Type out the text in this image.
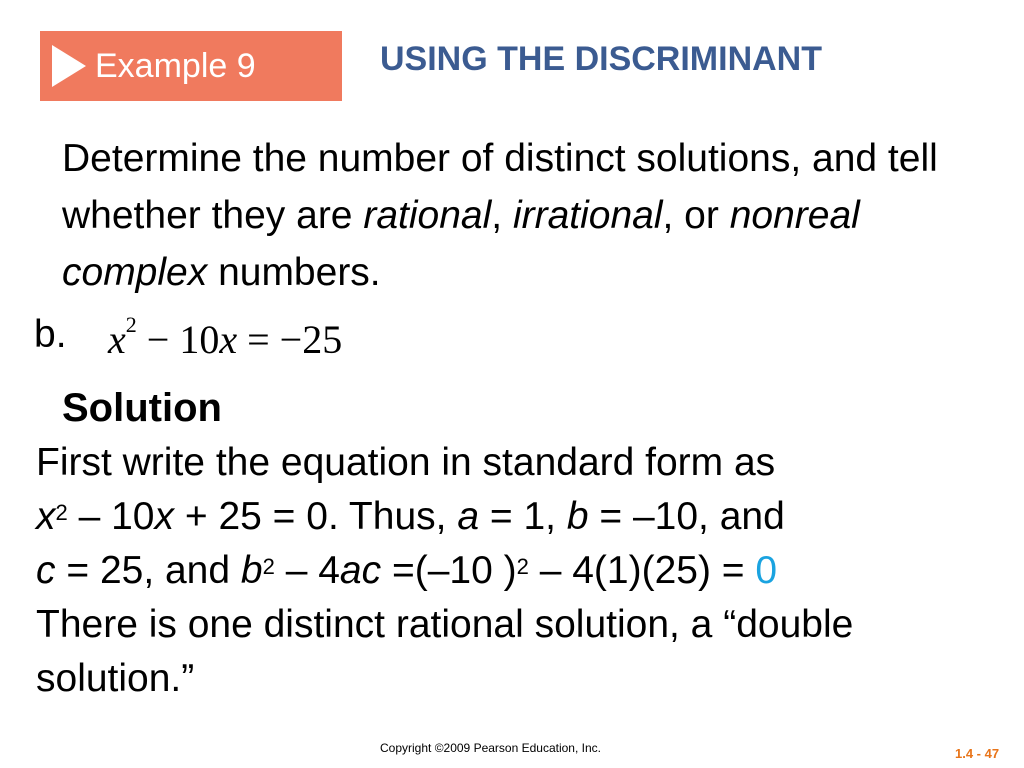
Example 9	USING THE DISCRIMINANT
Determine the number of distinct solutions, and tell whether they are rational, irrational, or nonreal complex numbers.
b. $x^2 - 10x = -25$
Solution
First write the equation in standard form as
$x^2 - 10x + 25 = 0$. Thus, a = 1, b = –10, and
c = 25, and $b^2 - 4ac =(-10$ )$^2$ – 4(1)(25) = 0
There is one distinct rational solution, a “double solution.”
Copyright ©2009 Pearson Education, Inc.	1.4 - 47
